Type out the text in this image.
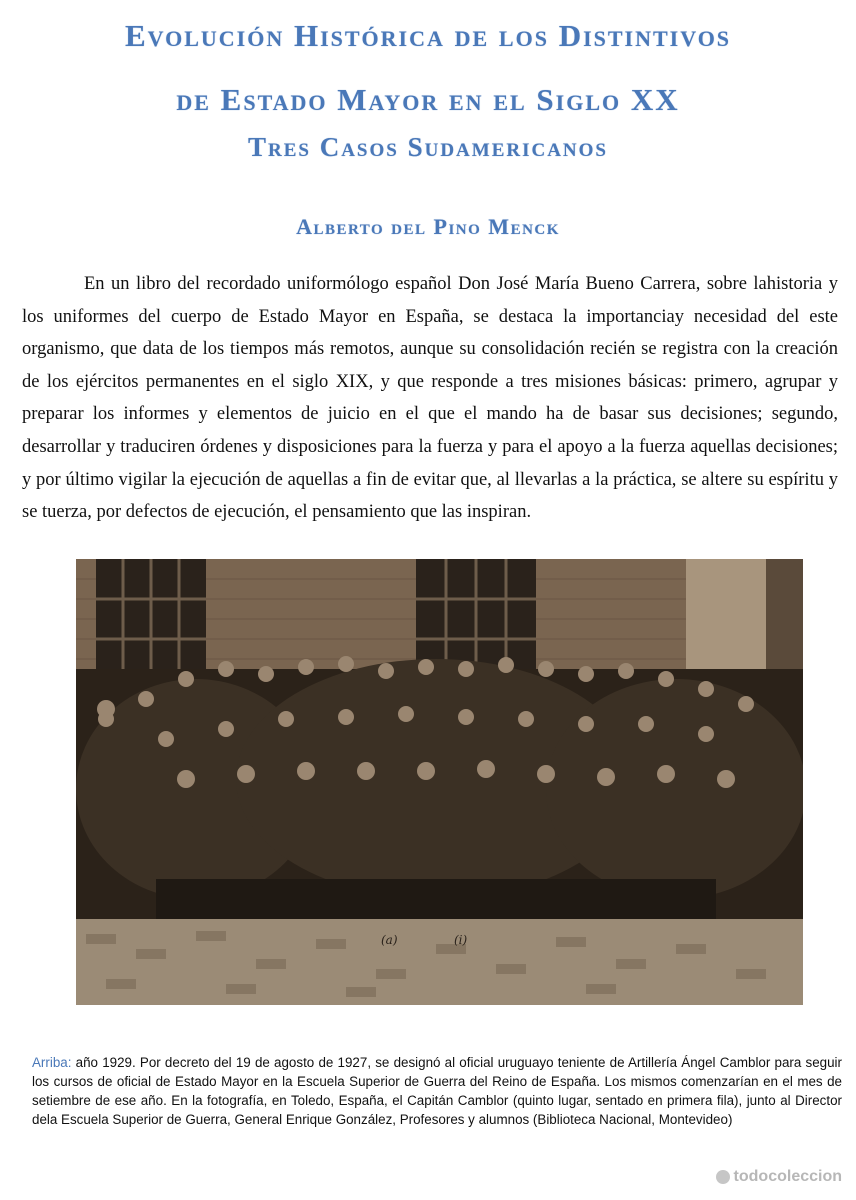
Evolución Histórica de los Distintivos
de Estado Mayor en el Siglo XX
Tres Casos Sudamericanos
Alberto del Pino Menck

En un libro del recordado uniformólogo español Don José María Bueno Carrera, sobre lahistoria y los uniformes del cuerpo de Estado Mayor en España, se destaca la importanciay necesidad del este organismo, que data de los tiempos más remotos, aunque su consolidación recién se registra con la creación de los ejércitos permanentes en el siglo XIX, y que responde a tres misiones básicas: primero, agrupar y preparar los informes y elementos de juicio en el que el mando ha de basar sus decisiones; segundo, desarrollar y traduciren órdenes y disposiciones para la fuerza y para el apoyo a la fuerza aquellas decisiones; y por último vigilar la ejecución de aquellas a fin de evitar que, al llevarlas a la práctica, se altere su espíritu y se tuerza, por defectos de ejecución, el pensamiento que las inspiran.

(a)	(i)

Arriba: año 1929. Por decreto del 19 de agosto de 1927, se designó al oficial uruguayo teniente de Artillería Ángel Camblor para seguir los cursos de oficial de Estado Mayor en la Escuela Superior de Guerra del Reino de España. Los mismos comenzarían en el mes de setiembre de ese año. En la fotografía, en Toledo, España, el Capitán Camblor (quinto lugar, sentado en primera fila), junto al Director dela Escuela Superior de Guerra, General Enrique González, Profesores y alumnos (Biblioteca Nacional, Montevideo)

todocoleccion
